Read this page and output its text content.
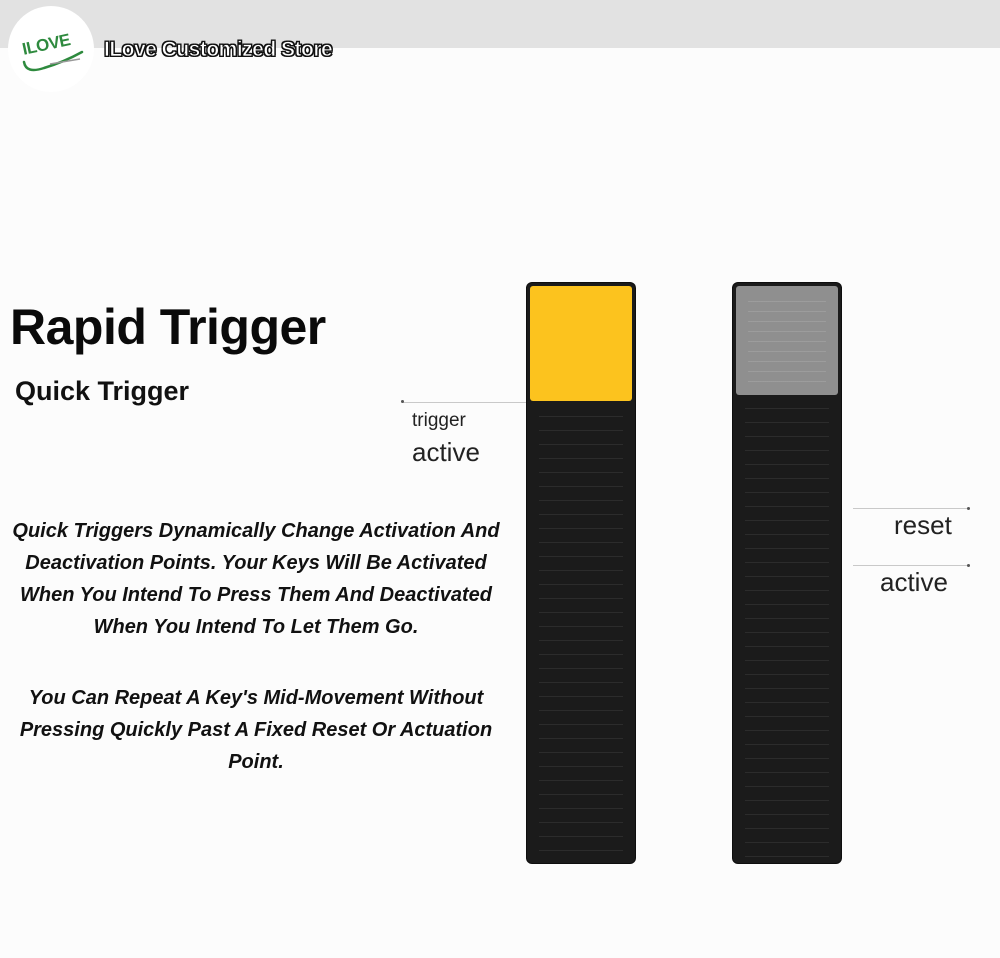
ILOVE ILove Customized Store
Rapid Trigger
Quick Trigger

Quick Triggers Dynamically Change Activation And Deactivation Points. Your Keys Will Be Activated When You Intend To Press Them And Deactivated When You Intend To Let Them Go.

You Can Repeat A Key's Mid-Movement Without Pressing Quickly Past A Fixed Reset Or Actuation Point.

trigger
active
reset
active
